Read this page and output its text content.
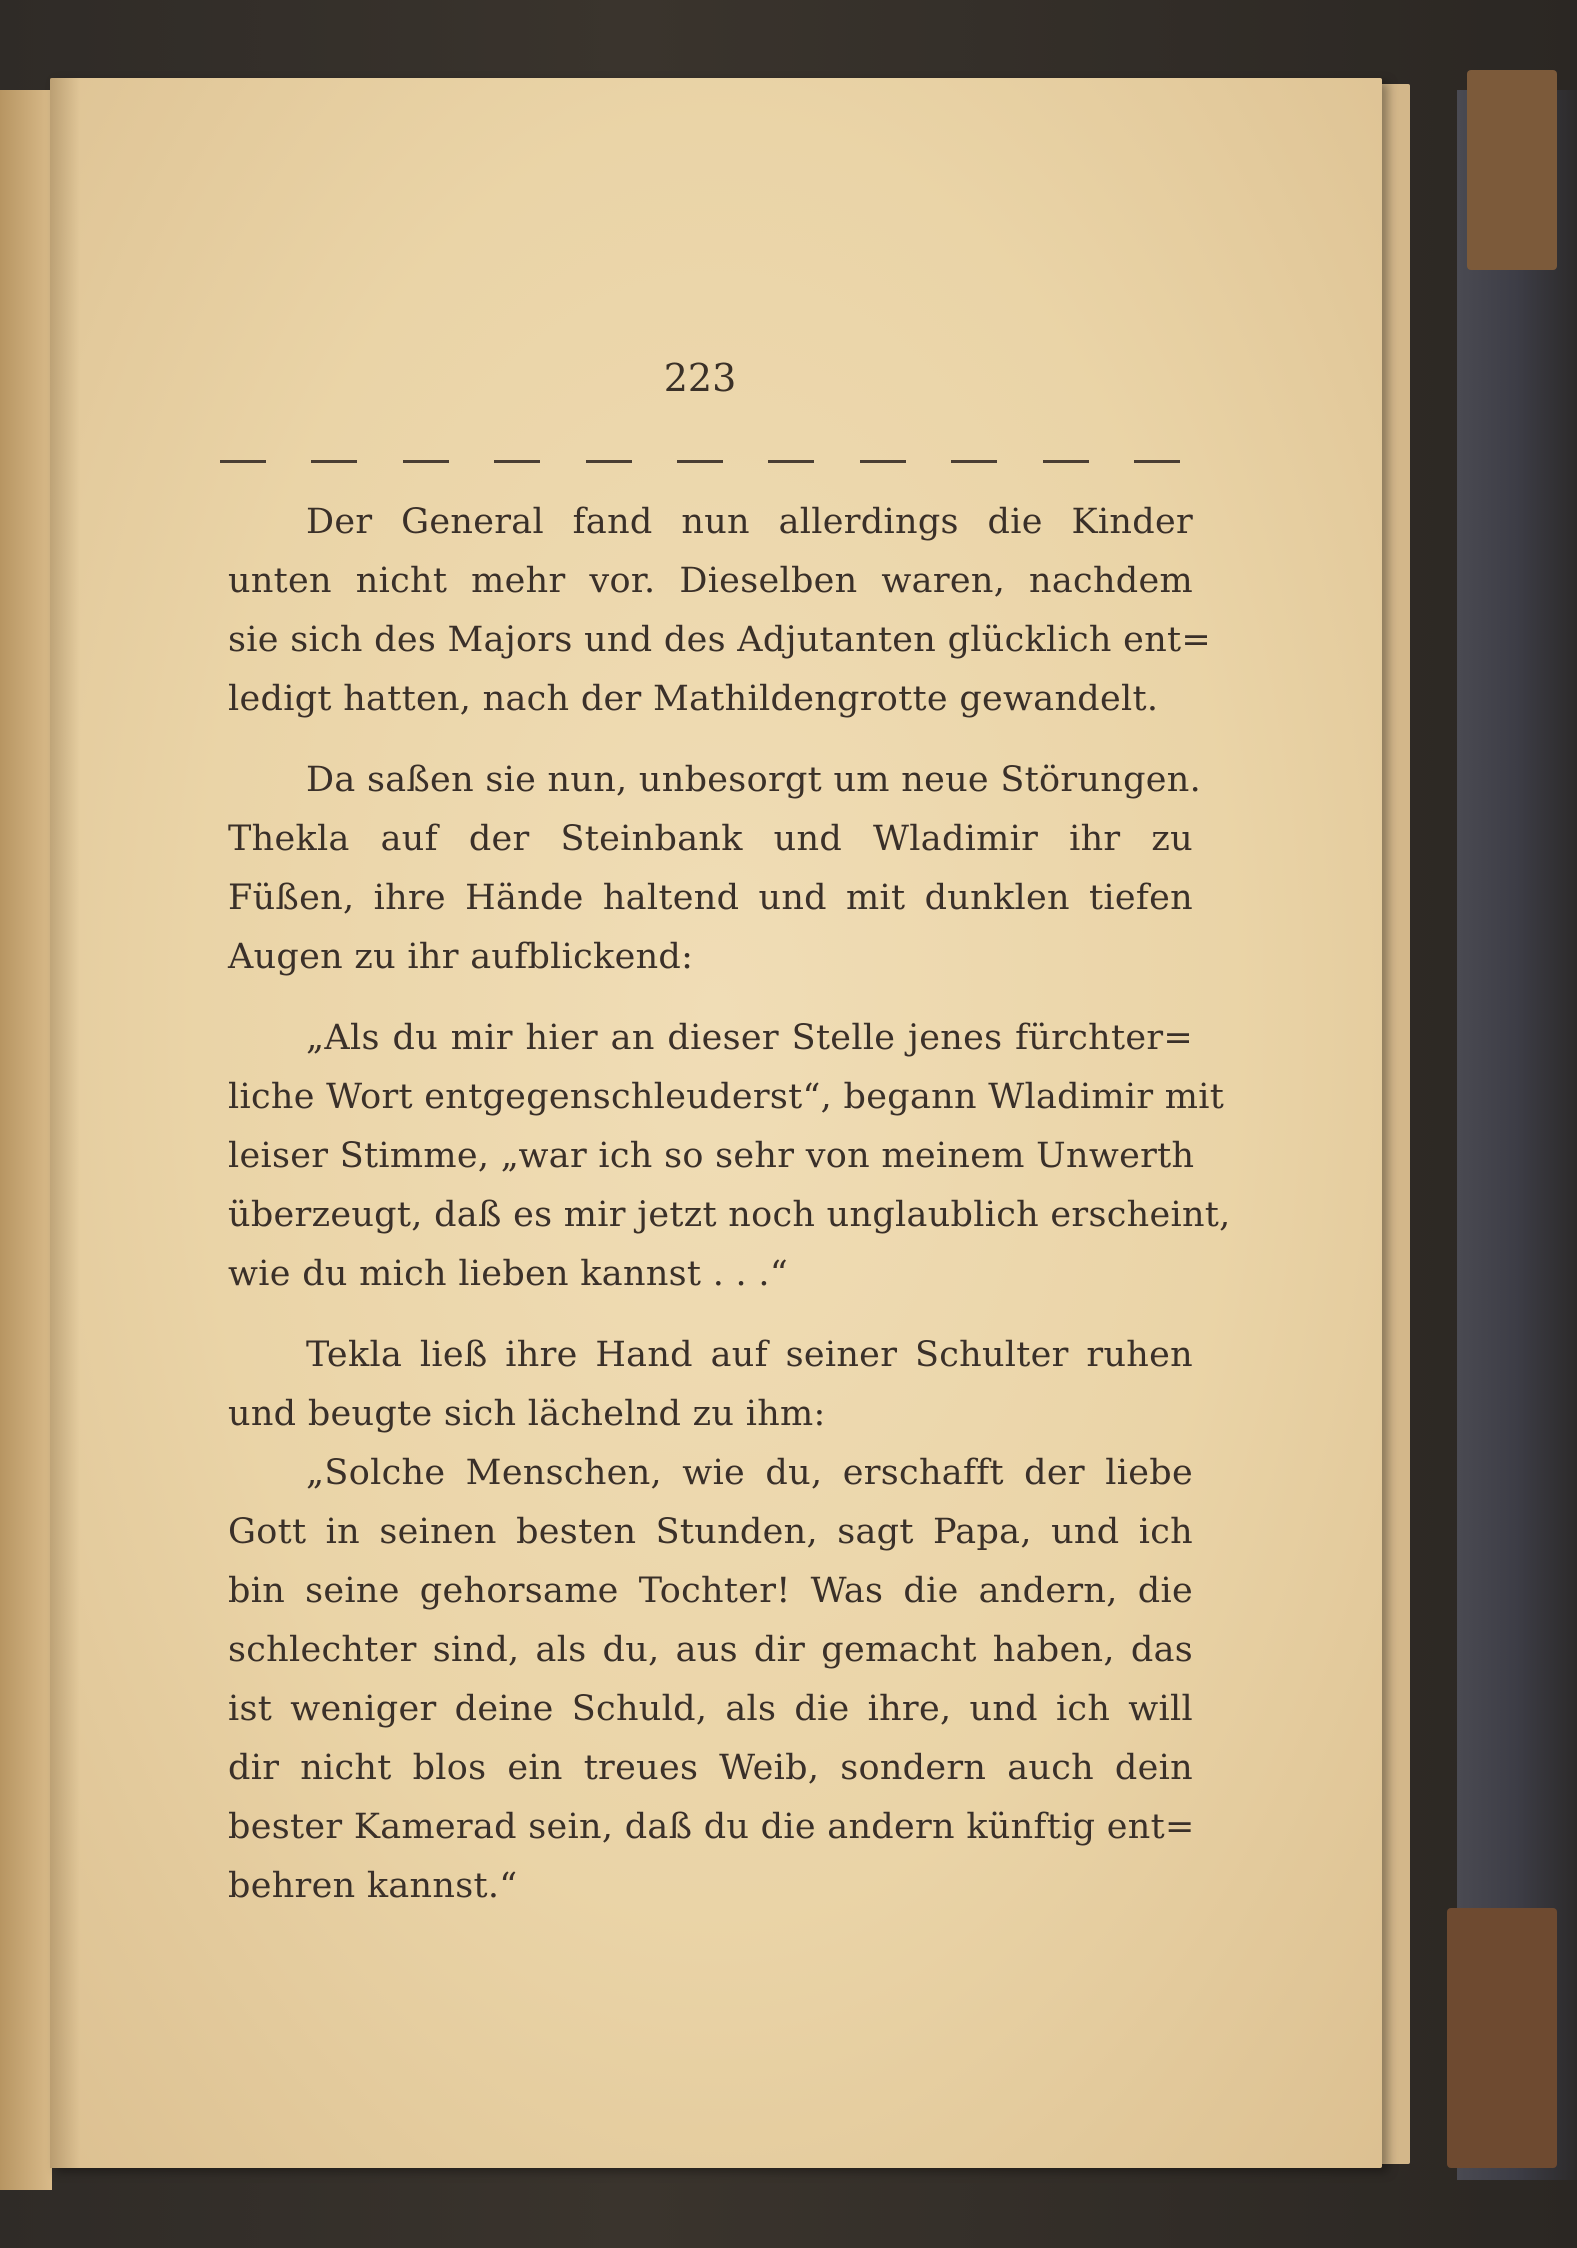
223
Der General fand nun allerdings die Kinder
unten nicht mehr vor. Dieselben waren, nachdem
sie sich des Majors und des Adjutanten glücklich ent=
ledigt hatten, nach der Mathildengrotte gewandelt.
Da saßen sie nun, unbesorgt um neue Störungen.
Thekla auf der Steinbank und Wladimir ihr zu
Füßen, ihre Hände haltend und mit dunklen tiefen
Augen zu ihr aufblickend:
„Als du mir hier an dieser Stelle jenes fürchter=
liche Wort entgegenschleuderst“, begann Wladimir mit
leiser Stimme, „war ich so sehr von meinem Unwerth
überzeugt, daß es mir jetzt noch unglaublich erscheint,
wie du mich lieben kannst . . .“
Tekla ließ ihre Hand auf seiner Schulter ruhen
und beugte sich lächelnd zu ihm:
„Solche Menschen, wie du, erschafft der liebe
Gott in seinen besten Stunden, sagt Papa, und ich
bin seine gehorsame Tochter! Was die andern, die
schlechter sind, als du, aus dir gemacht haben, das
ist weniger deine Schuld, als die ihre, und ich will
dir nicht blos ein treues Weib, sondern auch dein
bester Kamerad sein, daß du die andern künftig ent=
behren kannst.“
